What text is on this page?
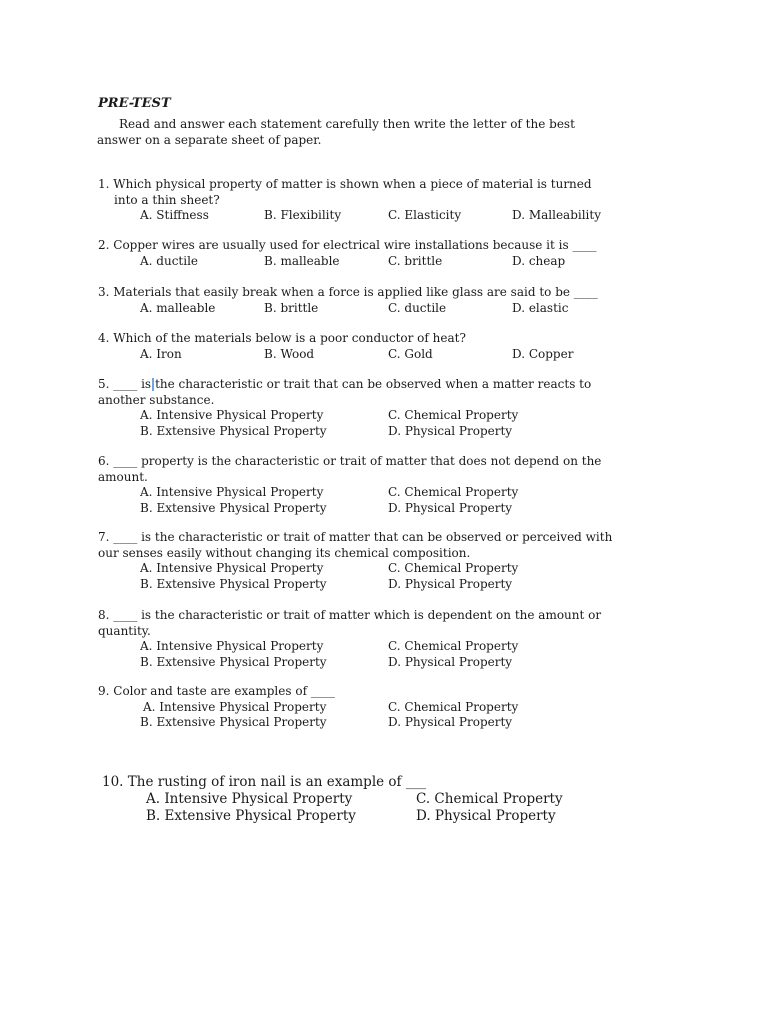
PRE-TEST
Read and answer each statement carefully then write the letter of the best answer on a separate sheet of paper.
1. Which physical property of matter is shown when a piece of material is turned
into a thin sheet?
A. Stiffness	B. Flexibility	C. Elasticity	D. Malleability
2. Copper wires are usually used for electrical wire installations because it is ____
A. ductile	B. malleable	C. brittle	D. cheap
3. Materials that easily break when a force is applied like glass are said to be ____
A. malleable	B. brittle	C. ductile	D. elastic
4. Which of the materials below is a poor conductor of heat?
A. Iron	B. Wood	C. Gold	D. Copper
5. ____ is the characteristic or trait that can be observed when a matter reacts to
another substance.
A. Intensive Physical Property	C. Chemical Property
B. Extensive Physical Property	D. Physical Property
6. ____ property is the characteristic or trait of matter that does not depend on the
amount.
A. Intensive Physical Property	C. Chemical Property
B. Extensive Physical Property	D. Physical Property
7. ____ is the characteristic or trait of matter that can be observed or perceived with
our senses easily without changing its chemical composition.
A. Intensive Physical Property	C. Chemical Property
B. Extensive Physical Property	D. Physical Property
8. ____ is the characteristic or trait of matter which is dependent on the amount or
quantity.
A. Intensive Physical Property	C. Chemical Property
B. Extensive Physical Property	D. Physical Property
9. Color and taste are examples of ____
A. Intensive Physical Property	C. Chemical Property
B. Extensive Physical Property	D. Physical Property
10. The rusting of iron nail is an example of ___
A. Intensive Physical Property	C. Chemical Property
B. Extensive Physical Property	D. Physical Property
